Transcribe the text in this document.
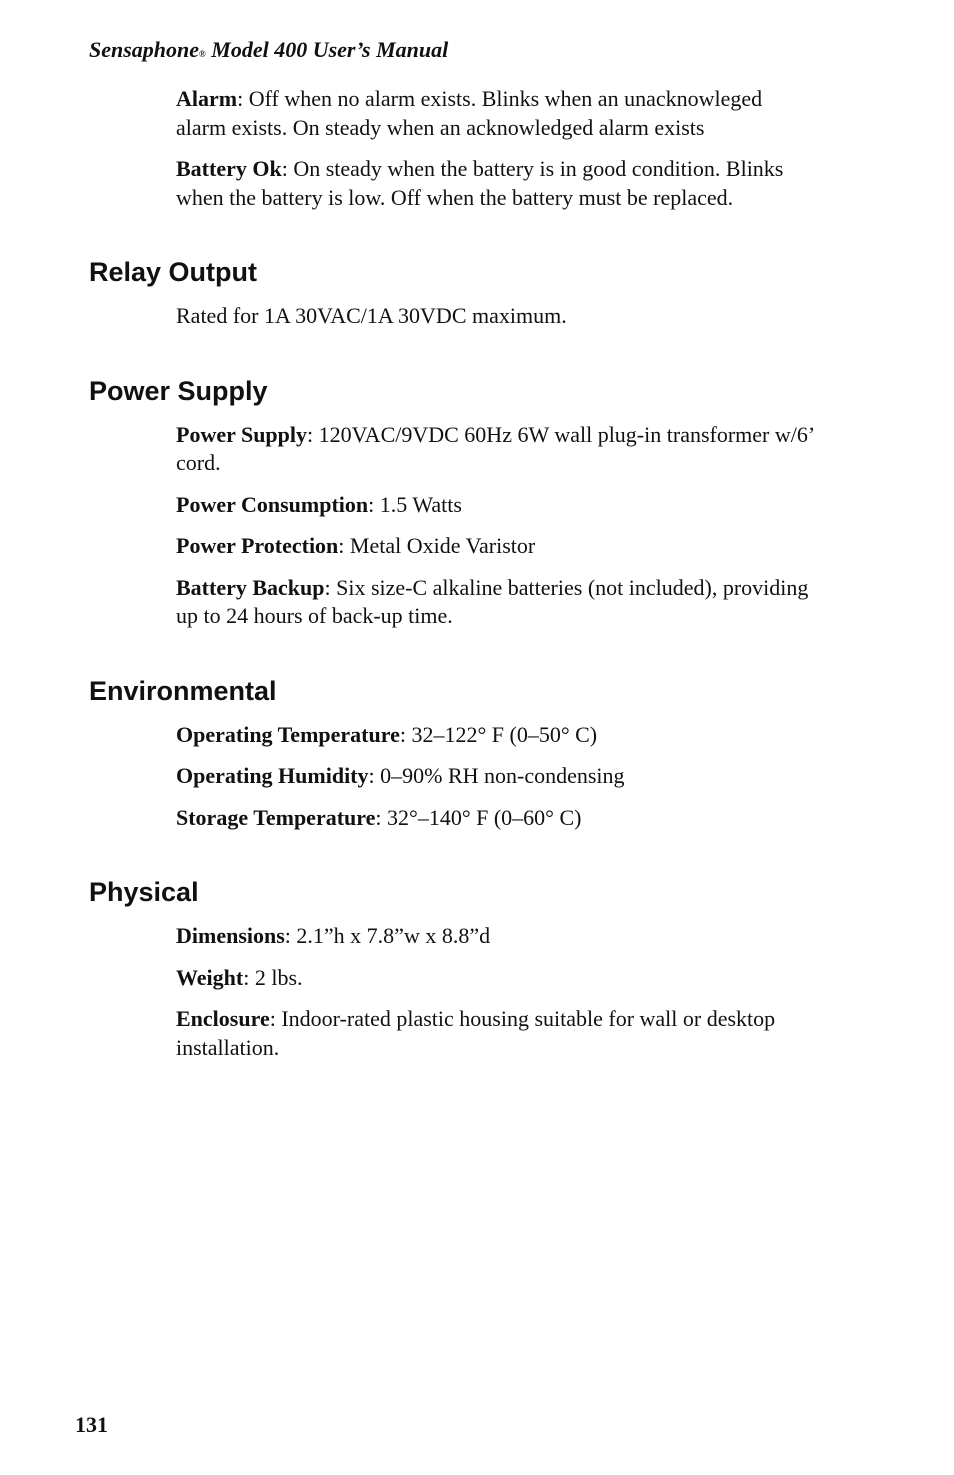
Sensaphone® Model 400 User’s Manual

Alarm: Off when no alarm exists. Blinks when an unacknowleged alarm exists. On steady when an acknowledged alarm exists

Battery Ok: On steady when the battery is in good condition. Blinks when the battery is low. Off when the battery must be replaced.

Relay Output

Rated for 1A 30VAC/1A 30VDC maximum.

Power Supply

Power Supply: 120VAC/9VDC 60Hz 6W wall plug-in transformer w/6’ cord.

Power Consumption: 1.5 Watts

Power Protection: Metal Oxide Varistor

Battery Backup: Six size-C alkaline batteries (not included), providing up to 24 hours of back-up time.

Environmental

Operating Temperature: 32–122° F (0–50° C)

Operating Humidity: 0–90% RH non-condensing

Storage Temperature: 32°–140° F (0–60° C)

Physical

Dimensions: 2.1”h x 7.8”w x 8.8”d

Weight: 2 lbs.

Enclosure: Indoor-rated plastic housing suitable for wall or desktop installation.

131
